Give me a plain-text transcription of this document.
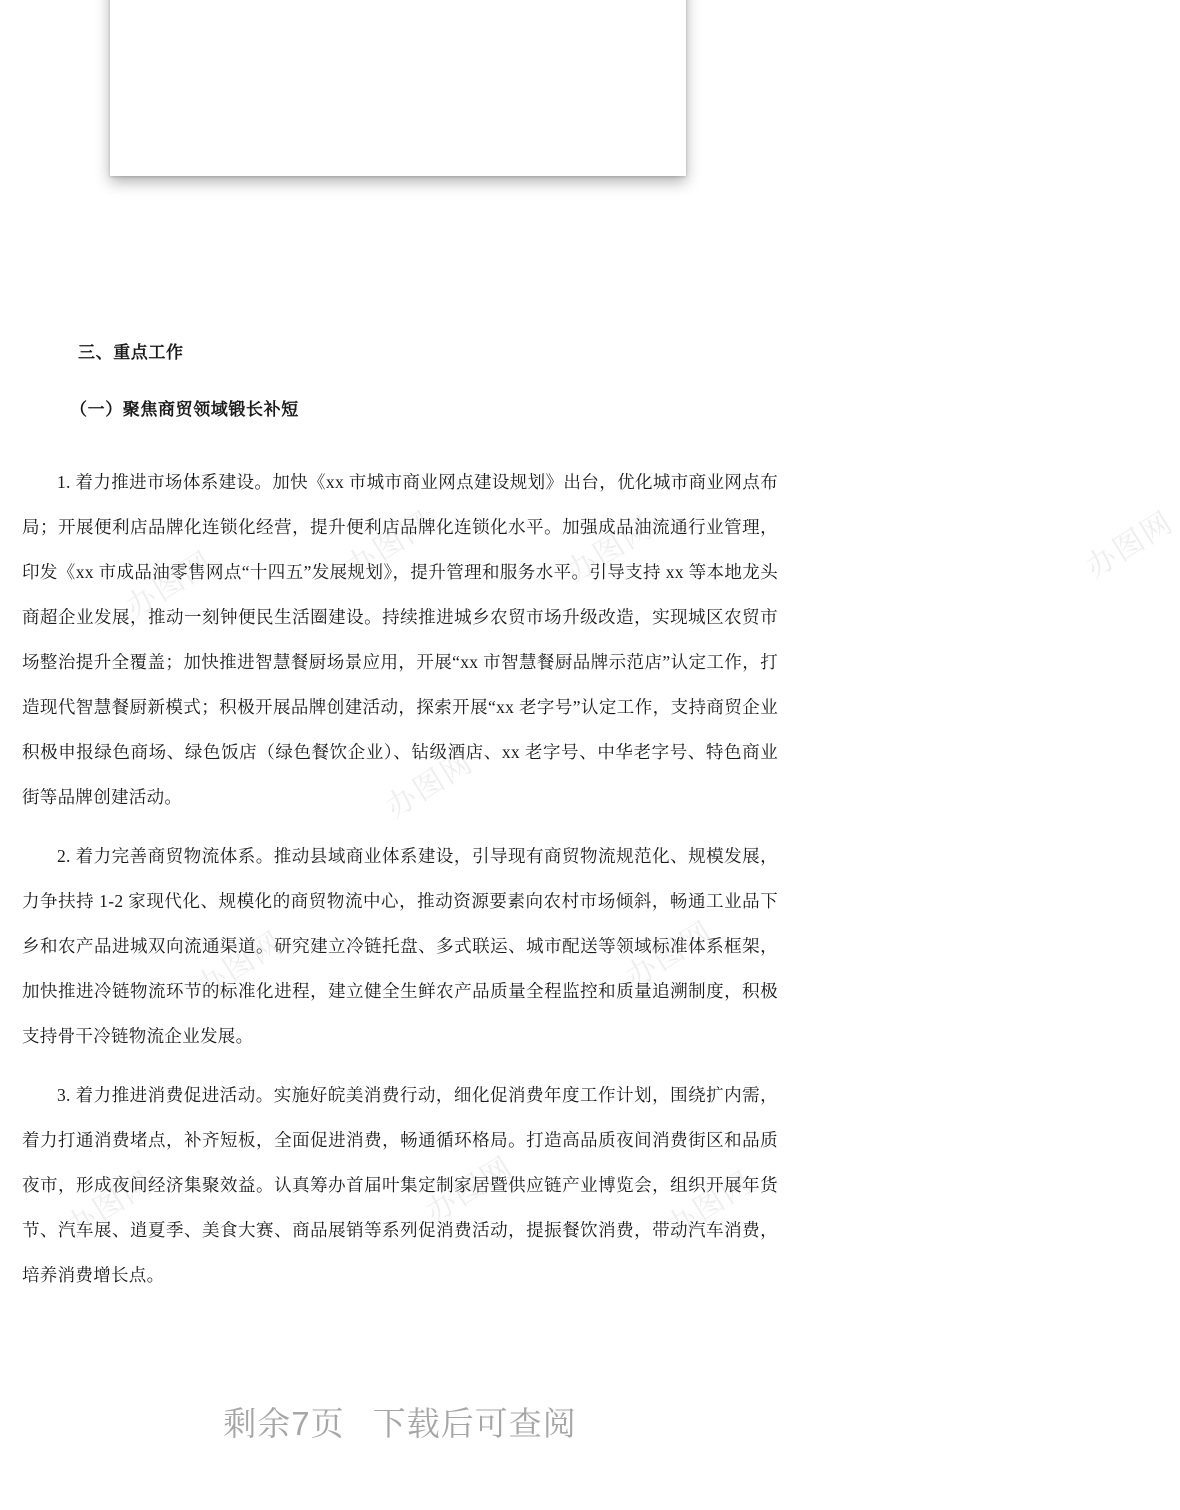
三、重点工作
（一）聚焦商贸领域锻长补短

1. 着力推进市场体系建设。加快《xx 市城市商业网点建设规划》出台，优化城市商业网点布局；开展便利店品牌化连锁化经营，提升便利店品牌化连锁化水平。加强成品油流通行业管理，印发《xx 市成品油零售网点“十四五”发展规划》，提升管理和服务水平。引导支持 xx 等本地龙头商超企业发展，推动一刻钟便民生活圈建设。持续推进城乡农贸市场升级改造，实现城区农贸市场整治提升全覆盖；加快推进智慧餐厨场景应用，开展“xx 市智慧餐厨品牌示范店”认定工作，打造现代智慧餐厨新模式；积极开展品牌创建活动，探索开展“xx 老字号”认定工作，支持商贸企业积极申报绿色商场、绿色饭店（绿色餐饮企业）、钻级酒店、xx 老字号、中华老字号、特色商业街等品牌创建活动。

2. 着力完善商贸物流体系。推动县域商业体系建设，引导现有商贸物流规范化、规模发展，力争扶持 1-2 家现代化、规模化的商贸物流中心，推动资源要素向农村市场倾斜，畅通工业品下乡和农产品进城双向流通渠道。研究建立冷链托盘、多式联运、城市配送等领域标准体系框架，加快推进冷链物流环节的标准化进程，建立健全生鲜农产品质量全程监控和质量追溯制度，积极支持骨干冷链物流企业发展。

3. 着力推进消费促进活动。实施好皖美消费行动，细化促消费年度工作计划，围绕扩内需，着力打通消费堵点，补齐短板，全面促进消费，畅通循环格局。打造高品质夜间消费街区和品质夜市，形成夜间经济集聚效益。认真筹办首届叶集定制家居暨供应链产业博览会，组织开展年货节、汽车展、逍夏季、美食大赛、商品展销等系列促消费活动，提振餐饮消费，带动汽车消费，培养消费增长点。

办图网	办图网
办图网
办图网
办图网	办图网
办图网
办图网	办图网
办图网
剩余7页 下载后可查阅
